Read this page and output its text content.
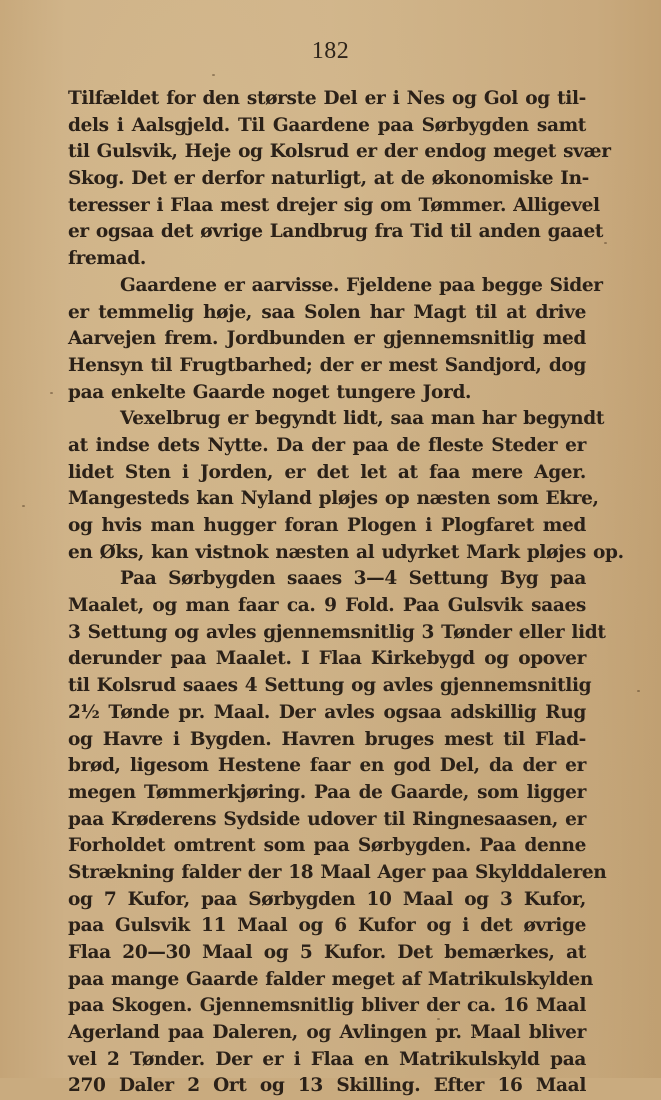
182
Tilfældet for den største Del er i Nes og Gol og til-
dels i Aalsgjeld. Til Gaardene paa Sørbygden samt
til Gulsvik, Heje og Kolsrud er der endog meget svær
Skog. Det er derfor naturligt, at de økonomiske In-
teresser i Flaa mest drejer sig om Tømmer. Alligevel
er ogsaa det øvrige Landbrug fra Tid til anden gaaet
fremad.
Gaardene er aarvisse. Fjeldene paa begge Sider
er temmelig høje, saa Solen har Magt til at drive
Aarvejen frem. Jordbunden er gjennemsnitlig med
Hensyn til Frugtbarhed; der er mest Sandjord, dog
paa enkelte Gaarde noget tungere Jord.
Vexelbrug er begyndt lidt, saa man har begyndt
at indse dets Nytte. Da der paa de fleste Steder er
lidet Sten i Jorden, er det let at faa mere Ager.
Mangesteds kan Nyland pløjes op næsten som Ekre,
og hvis man hugger foran Plogen i Plogfaret med
en Øks, kan vistnok næsten al udyrket Mark pløjes op.
Paa Sørbygden saaes 3—4 Settung Byg paa
Maalet, og man faar ca. 9 Fold. Paa Gulsvik saaes
3 Settung og avles gjennemsnitlig 3 Tønder eller lidt
derunder paa Maalet. I Flaa Kirkebygd og opover
til Kolsrud saaes 4 Settung og avles gjennemsnitlig
2½ Tønde pr. Maal. Der avles ogsaa adskillig Rug
og Havre i Bygden. Havren bruges mest til Flad-
brød, ligesom Hestene faar en god Del, da der er
megen Tømmerkjøring. Paa de Gaarde, som ligger
paa Krøderens Sydside udover til Ringnesaasen, er
Forholdet omtrent som paa Sørbygden. Paa denne
Strækning falder der 18 Maal Ager paa Skylddaleren
og 7 Kufor, paa Sørbygden 10 Maal og 3 Kufor,
paa Gulsvik 11 Maal og 6 Kufor og i det øvrige
Flaa 20—30 Maal og 5 Kufor. Det bemærkes, at
paa mange Gaarde falder meget af Matrikulskylden
paa Skogen. Gjennemsnitlig bliver der ca. 16 Maal
Agerland paa Daleren, og Avlingen pr. Maal bliver
vel 2 Tønder. Der er i Flaa en Matrikulskyld paa
270 Daler 2 Ort og 13 Skilling. Efter 16 Maal
